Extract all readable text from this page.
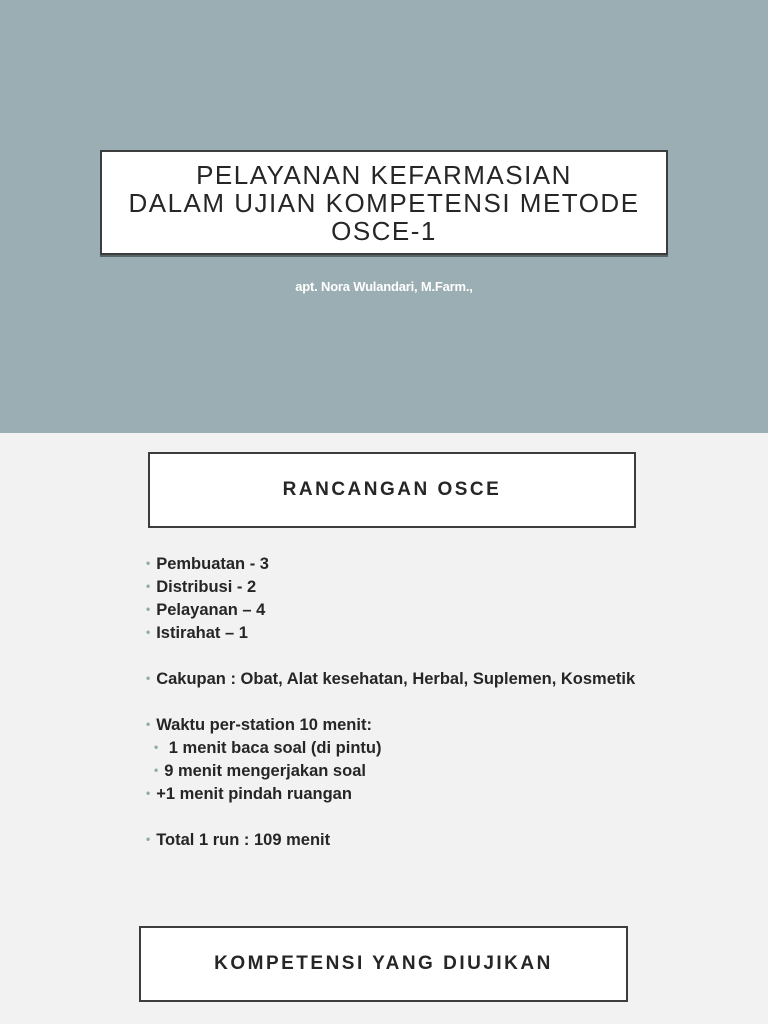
PELAYANAN KEFARMASIAN
DALAM UJIAN KOMPETENSI METODE
OSCE-1
apt. Nora Wulandari, M.Farm.,
RANCANGAN OSCE
• Pembuatan - 3
• Distribusi - 2
• Pelayanan – 4
• Istirahat – 1
• Cakupan : Obat, Alat kesehatan, Herbal, Suplemen, Kosmetik
• Waktu per-station 10 menit:
• 1 menit baca soal (di pintu)
• 9 menit mengerjakan soal
• +1 menit pindah ruangan
• Total 1 run : 109 menit
KOMPETENSI YANG DIUJIKAN
